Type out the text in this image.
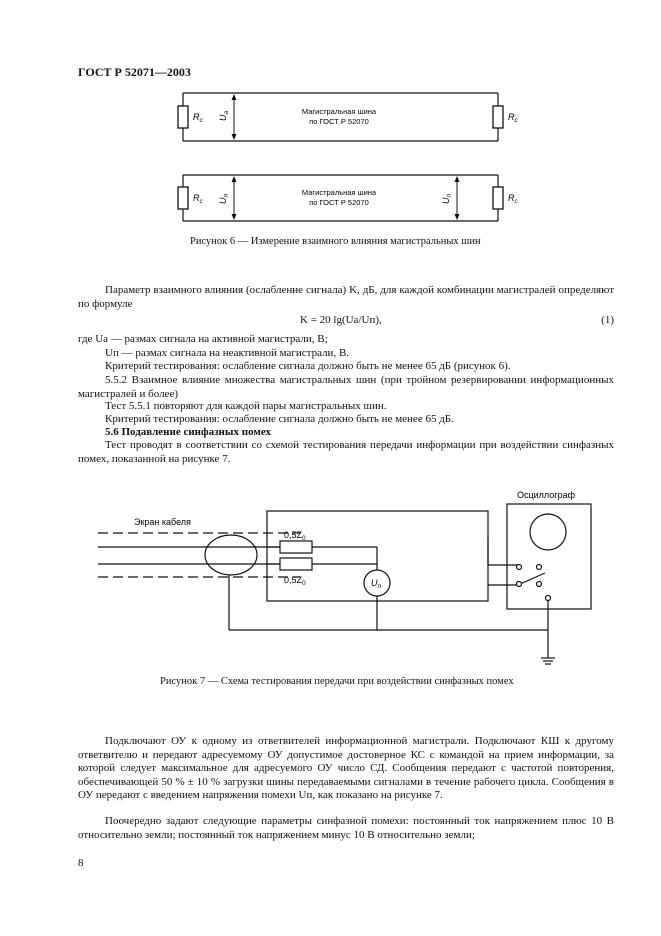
ГОСТ Р 52071—2003
$R_с$	$R_с$
$U_а$	Магистральная шина
по ГОСТ Р 52070
$R_с$	$R_с$
$U_п$
$U_п$
Магистральная шина
по ГОСТ Р 52070
Рисунок 6 — Измерение взаимного влияния магистральных шин
Параметр взаимного влияния (ослабление сигнала) K, дБ, для каждой комбинации магистралей определяют по формуле
K = 20 lg(Uа/Uп),	(1)
где Uа — размах сигнала на активной магистрали, В;
Uп — размах сигнала на неактивной магистрали, В.
Критерий тестирования: ослабление сигнала должно быть не менее 65 дБ (рисунок 6).
5.5.2 Взаимное влияние множества магистральных шин (при тройном резервировании информационных магистралей и более)
Тест 5.5.1 повторяют для каждой пары магистральных шин.
Критерий тестирования: ослабление сигнала должно быть не менее 65 дБ.
5.6 Подавление синфазных помех
Тест проводят в соответствии со схемой тестирования передачи информации при воздействии синфазных помех, показанной на рисунке 7.
Экран кабеля
Осциллограф
$0,5Z_0$
$0,5Z_0$	$U_п$
Рисунок 7 — Схема тестирования передачи при воздействии синфазных помех
Подключают ОУ к одному из ответвителей информационной магистрали. Подключают КШ к другому ответвителю и передают адресуемому ОУ допустимое достоверное КС с командой на прием информации, за которой следует максимальное для адресуемого ОУ число СД. Сообщения передают с частотой повторения, обеспечивающей 50 % ± 10 % загрузки шины передаваемыми сигналами в течение рабочего цикла. Сообщения в ОУ передают с введением напряжения помехи Uп, как показано на рисунке 7.
Поочередно задают следующие параметры синфазной помехи: постоянный ток напряжением плюс 10 В относительно земли; постоянный ток напряжением минус 10 В относительно земли;
8
